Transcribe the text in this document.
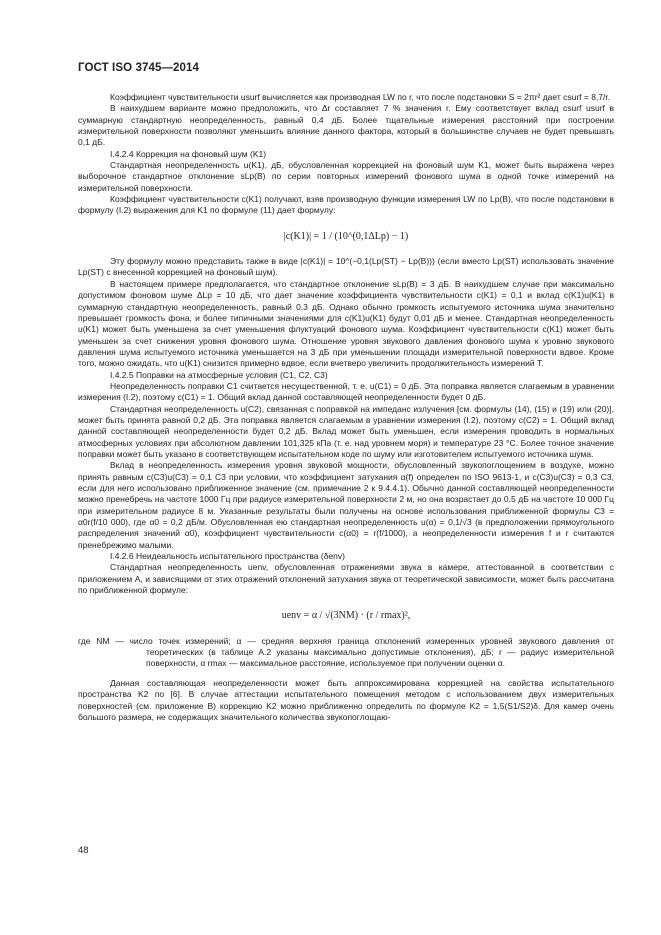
ГОСТ ISO 3745—2014

Коэффициент чувствительности usurf вычисляется как производная LW по r, что после подстановки S = 2πr² дает csurf = 8,7/r.

В наихудшем варианте можно предположить, что Δr составляет 7 % значения r. Ему соответствует вклад csurf usurf в суммарную стандартную неопределенность, равный 0,4 дБ. Более тщательные измерения расстояний при построении измерительной поверхности позволяют уменьшить влияние данного фактора, который в большинстве случаев не будет превышать 0,1 дБ.

I.4.2.4 Коррекция на фоновый шум (K1)

Стандартная неопределенность u(K1), дБ, обусловленная коррекцией на фоновый шум K1, может быть выражена через выборочное стандартное отклонение sLp(B) по серии повторных измерений фонового шума в одной точке измерений на измерительной поверхности.

Коэффициент чувствительности c(K1) получают, взяв производную функции измерения LW по Lp(B), что после подстановки в формулу (I.2) выражения для K1 по формуле (11) дает формулу:

|c(K1)| = 1 / (10^(0,1ΔLp) − 1)

Эту формулу можно представить также в виде |c(K1)| = 10^(−0,1(Lp(ST) − Lp(B))) (если вместо Lp(ST) использовать значение Lp(ST) с внесенной коррекцией на фоновый шум).

В настоящем примере предполагается, что стандартное отклонение sLp(B) = 3 дБ. В наихудшем случае при максимально допустимом фоновом шуме ΔLp = 10 дБ, что дает значение коэффициента чувствительности c(K1) = 0,1 и вклад c(K1)u(K1) в суммарную стандартную неопределенность, равный 0,3 дБ. Однако обычно громкость испытуемого источника шума значительно превышает громкость фона, и более типичными значениями для c(K1)u(K1) будут 0,01 дБ и менее. Стандартная неопределенность u(K1) может быть уменьшена за счет уменьшения флуктуаций фонового шума. Коэффициент чувствительности c(K1) может быть уменьшен за счет снижения уровня фонового шума. Отношение уровня звукового давления фонового шума к уровню звукового давления шума испытуемого источника уменьшается на 3 дБ при уменьшении площади измерительной поверхности вдвое. Кроме того, можно ожидать, что u(K1) снизится примерно вдвое, если вчетверо увеличить продолжительность измерений T.

I.4.2.5 Поправки на атмосферные условия (C1, C2, C3)

Неопределенность поправки C1 считается несущественной, т. е. u(C1) = 0 дБ. Эта поправка является слагаемым в уравнении измерения (I.2), поэтому c(C1) = 1. Общий вклад данной составляющей неопределенности будет 0 дБ.

Стандартная неопределенность u(C2), связанная с поправкой на импеданс излучения [см. формулы (14), (15) и (19) или (20)], может быть принята равной 0,2 дБ. Эта поправка является слагаемым в уравнении измерения (I.2), поэтому c(C2) = 1. Общий вклад данной составляющей неопределенности будет 0,2 дБ. Вклад может быть уменьшен, если измерения проводить в нормальных атмосферных условиях при абсолютном давлении 101,325 кПа (т. е. над уровнем моря) и температуре 23 °C. Более точное значение поправки может быть указано в соответствующем испытательном коде по шуму или изготовителем испытуемого источника шума.

Вклад в неопределенность измерения уровня звуковой мощности, обусловленный звукопоглощением в воздухе, можно принять равным c(C3)u(C3) = 0,1 C3 при условии, что коэффициент затухания α(f) определен по ISO 9613-1, и c(C3)u(C3) = 0,3 C3, если для него использовано приближенное значение (см. примечание 2 к 9.4.4.1). Обычно данной составляющей неопределенности можно пренебречь на частоте 1000 Гц при радиусе измерительной поверхности 2 м, но она возрастает до 0,5 дБ на частоте 10 000 Гц при измерительном радиусе 8 м. Указанные результаты были получены на основе использования приближенной формулы C3 = α0r(f/10 000), где α0 = 0,2 дБ/м. Обусловленная ею стандартная неопределенность u(α) = 0,1/√3 (в предположении прямоугольного распределения значений α0), коэффициент чувствительности c(α0) = r(f/1000), а неопределенности измерения f и r считаются пренебрежимо малыми.

I.4.2.6 Неидеальность испытательного пространства (δenv)

Стандартная неопределенность uenv, обусловленная отражениями звука в камере, аттестованной в соответствии с приложением А, и зависящими от этих отражений отклонений затухания звука от теоретической зависимости, может быть рассчитана по приближенной формуле:

uenv = α / √(3NM) · (r / rmax)²,

где NM — число точек измерений; α — средняя верхняя граница отклонений измеренных уровней звукового давления от теоретических (в таблице А.2 указаны максимально допустимые отклонения), дБ; r — радиус измерительной поверхности, α rmax — максимальное расстояние, используемое при получении оценки α.

Данная составляющая неопределенности может быть аппроксимирована коррекцией на свойства испытательного пространства K2 по [6]. В случае аттестации испытательного помещения методом с использованием двух измерительных поверхностей (см. приложение В) коррекцию K2 можно приближенно определить по формуле K2 = 1,5(S1/S2)δ. Для камер очень большого размера, не содержащих значительного количества звукопоглощаю-

48
